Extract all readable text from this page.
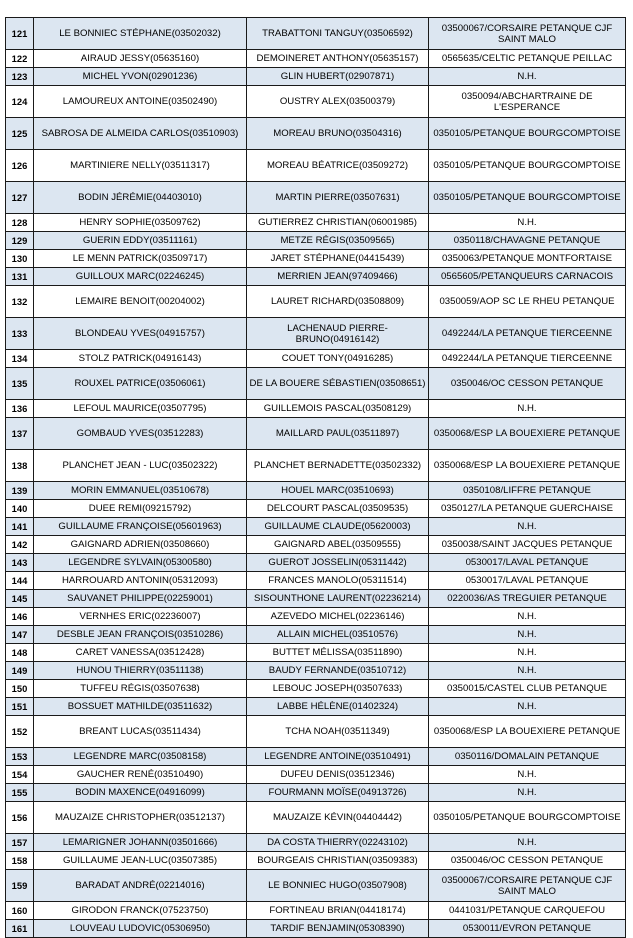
121	LE BONNIEC STÉPHANE(03502032)	TRABATTONI TANGUY(03506592)	03500067/CORSAIRE PETANQUE CJF SAINT MALO
122	AIRAUD JESSY(05635160)	DEMOINERET ANTHONY(05635157)	0565635/CELTIC PETANQUE PEILLAC
123	MICHEL YVON(02901236)	GLIN HUBERT(02907871)	N.H.
124	LAMOUREUX ANTOINE(03502490)	OUSTRY ALEX(03500379)	0350094/ABCHARTRAINE DE L'ESPERANCE
125	SABROSA DE ALMEIDA CARLOS(03510903)	MOREAU BRUNO(03504316)	0350105/PETANQUE BOURGCOMPTOISE
126	MARTINIERE NELLY(03511317)	MOREAU BÉATRICE(03509272)	0350105/PETANQUE BOURGCOMPTOISE
127	BODIN JÉRÉMIE(04403010)	MARTIN PIERRE(03507631)	0350105/PETANQUE BOURGCOMPTOISE
128	HENRY SOPHIE(03509762)	GUTIERREZ CHRISTIAN(06001985)	N.H.
129	GUERIN EDDY(03511161)	METZE RÉGIS(03509565)	0350118/CHAVAGNE PETANQUE
130	LE MENN PATRICK(03509717)	JARET STÉPHANE(04415439)	0350063/PETANQUE MONTFORTAISE
131	GUILLOUX MARC(02246245)	MERRIEN JEAN(97409466)	0565605/PETANQUEURS CARNACOIS
132	LEMAIRE BENOIT(00204002)	LAURET RICHARD(03508809)	0350059/AOP SC LE RHEU PETANQUE
133	BLONDEAU YVES(04915757)	LACHENAUD PIERRE-BRUNO(04916142)	0492244/LA PETANQUE TIERCEENNE
134	STOLZ PATRICK(04916143)	COUET TONY(04916285)	0492244/LA PETANQUE TIERCEENNE
135	ROUXEL PATRICE(03506061)	DE LA BOUERE SÉBASTIEN(03508651)	0350046/OC CESSON PETANQUE
136	LEFOUL MAURICE(03507795)	GUILLEMOIS PASCAL(03508129)	N.H.
137	GOMBAUD YVES(03512283)	MAILLARD PAUL(03511897)	0350068/ESP LA BOUEXIERE PETANQUE
138	PLANCHET JEAN - LUC(03502322)	PLANCHET BERNADETTE(03502332)	0350068/ESP LA BOUEXIERE PETANQUE
139	MORIN EMMANUEL(03510678)	HOUEL MARC(03510693)	0350108/LIFFRE PETANQUE
140	DUEE REMI(09215792)	DELCOURT PASCAL(03509535)	0350127/LA PETANQUE GUERCHAISE
141	GUILLAUME FRANÇOISE(05601963)	GUILLAUME CLAUDE(05620003)	N.H.
142	GAIGNARD ADRIEN(03508660)	GAIGNARD ABEL(03509555)	0350038/SAINT JACQUES PETANQUE
143	LEGENDRE SYLVAIN(05300580)	GUEROT JOSSELIN(05311442)	0530017/LAVAL PETANQUE
144	HARROUARD ANTONIN(05312093)	FRANCES MANOLO(05311514)	0530017/LAVAL PETANQUE
145	SAUVANET PHILIPPE(02259001)	SISOUNTHONE LAURENT(02236214)	0220036/AS TREGUIER PETANQUE
146	VERNHES ERIC(02236007)	AZEVEDO MICHEL(02236146)	N.H.
147	DESBLE JEAN FRANÇOIS(03510286)	ALLAIN MICHEL(03510576)	N.H.
148	CARET VANESSA(03512428)	BUTTET MÉLISSA(03511890)	N.H.
149	HUNOU THIERRY(03511138)	BAUDY FERNANDE(03510712)	N.H.
150	TUFFEU RÉGIS(03507638)	LEBOUC JOSEPH(03507633)	0350015/CASTEL CLUB PETANQUE
151	BOSSUET MATHILDE(03511632)	LABBE HÉLÈNE(01402324)	N.H.
152	BREANT LUCAS(03511434)	TCHA NOAH(03511349)	0350068/ESP LA BOUEXIERE PETANQUE
153	LEGENDRE MARC(03508158)	LEGENDRE ANTOINE(03510491)	0350116/DOMALAIN PETANQUE
154	GAUCHER RENÉ(03510490)	DUFEU DENIS(03512346)	N.H.
155	BODIN MAXENCE(04916099)	FOURMANN MOÏSE(04913726)	N.H.
156	MAUZAIZE CHRISTOPHER(03512137)	MAUZAIZE KÉVIN(04404442)	0350105/PETANQUE BOURGCOMPTOISE
157	LEMARIGNER JOHANN(03501666)	DA COSTA THIERRY(02243102)	N.H.
158	GUILLAUME JEAN-LUC(03507385)	BOURGEAIS CHRISTIAN(03509383)	0350046/OC CESSON PETANQUE
159	BARADAT ANDRÉ(02214016)	LE BONNIEC HUGO(03507908)	03500067/CORSAIRE PETANQUE CJF SAINT MALO
160	GIRODON FRANCK(07523750)	FORTINEAU BRIAN(04418174)	0441031/PETANQUE CARQUEFOU
161	LOUVEAU LUDOVIC(05306950)	TARDIF BENJAMIN(05308390)	0530011/EVRON PETANQUE
